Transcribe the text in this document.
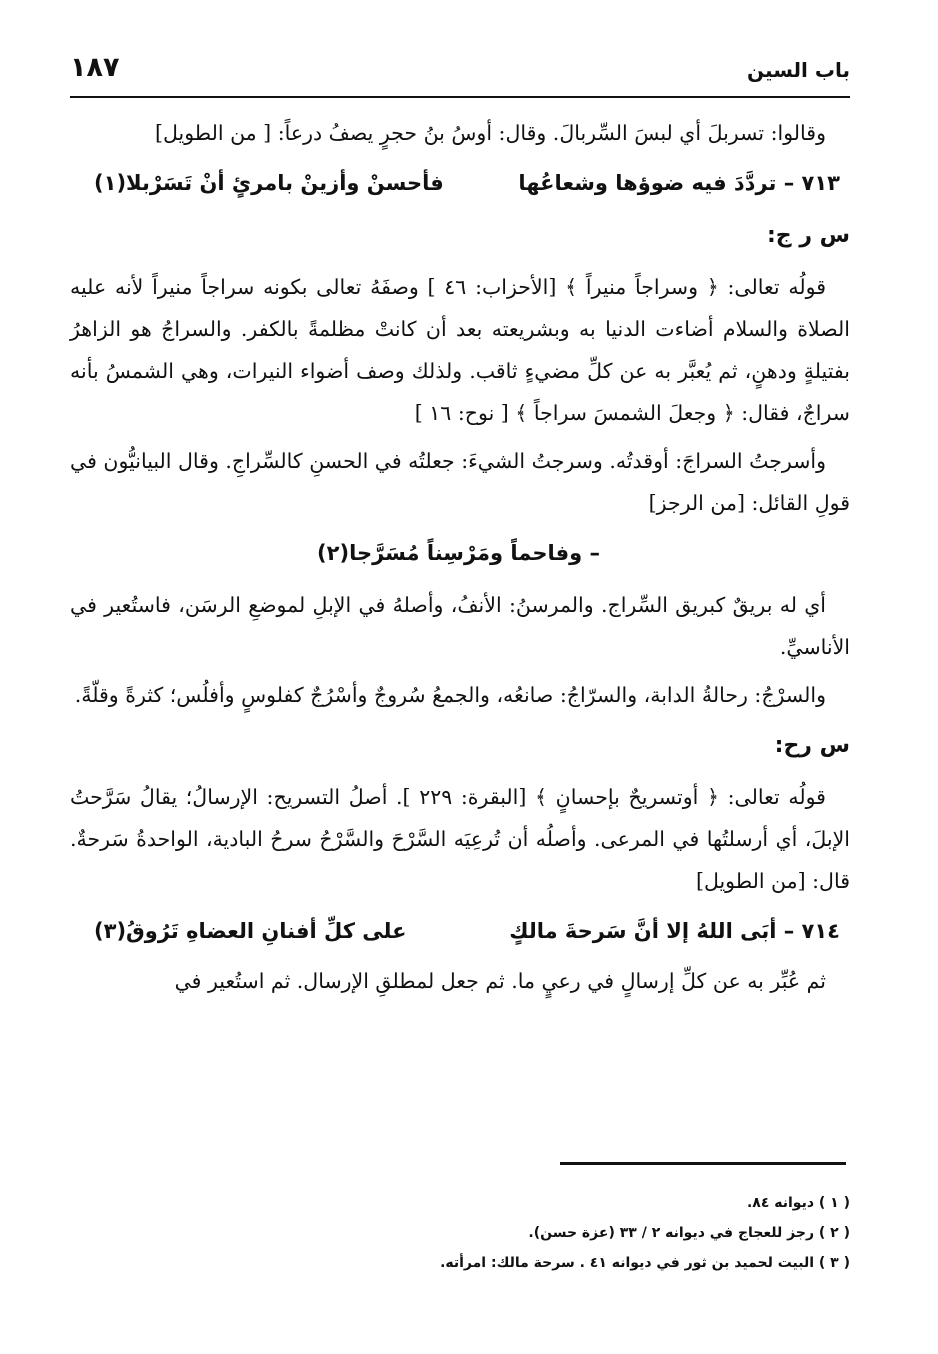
١٨٧	باب السين

وقالوا: تسربلَ أي لبسَ السِّربالَ. وقال: أوسُ بنُ حجرٍ يصفُ درعاً: [ من الطويل]

٧١٣ – تردَّدَ فيه ضوؤها وشعاعُها
فأحسنْ وأزينْ بامرئٍ أنْ تَسَرْبلا(١)
س ر ج:

قولُه تعالى: ﴿ وسراجاً منيراً ﴾ [الأحزاب: ٤٦ ] وصفَهُ تعالى بكونه سراجاً منيراً لأنه عليه الصلاة والسلام أضاءت الدنيا به وبشريعته بعد أن كانتْ مظلمةً بالكفر. والسراجُ هو الزاهرُ بفتيلةٍ ودهنٍ، ثم يُعبَّر به عن كلِّ مضيءٍ ثاقب. ولذلك وصف أضواء النيرات، وهي الشمسُ بأنه سراجٌ، فقال: ﴿ وجعلَ الشمسَ سراجاً ﴾ [ نوح: ١٦ ]

وأسرجتُ السراجَ: أوقدتُه. وسرجتُ الشيءَ: جعلتُه في الحسنِ كالسِّراجِ. وقال البيانيُّون في قولِ القائل: [من الرجز]

– وفاحماً ومَرْسِناً مُسَرَّجا(٢)

أي له بريقٌ كبريق السِّراج. والمرسنُ: الأنفُ، وأصلهُ في الإبلِ لموضعِ الرسَن، فاستُعير في الأناسيِّ.

والسرْجُ: رحالةُ الدابة، والسرّاجُ: صانعُه، والجمعُ سُروجٌ وأسْرُجٌ كفلوسٍ وأفلُس؛ كثرةً وقلّةً.

س رح:

قولُه تعالى: ﴿ أوتسريحٌ بإحسانٍ ﴾ [البقرة: ٢٢٩ ]. أصلُ التسريح: الإرسالُ؛ يقالُ سَرَّحتُ الإبلَ، أي أرسلتُها في المرعى. وأصلُه أن تُرعِيَه السَّرْحَ والسَّرْحُ سرحُ البادية، الواحدةُ سَرحةٌ. قال: [من الطويل]

٧١٤ – أبَى اللهُ إلا أنَّ سَرحةَ مالكٍ
على كلِّ أفنانِ العضاهِ تَرُوقُ(٣)

ثم عُبِّر به عن كلِّ إرسالٍ في رعيٍ ما. ثم جعل لمطلقِ الإرسال. ثم استُعير في

( ١ ) ديوانه ٨٤.
( ٢ ) رجز للعجاج في ديوانه ٢ / ٣٣ (عزة حسن).
( ٣ ) البيت لحميد بن ثور في ديوانه ٤١ . سرحة مالك: امرأته.
